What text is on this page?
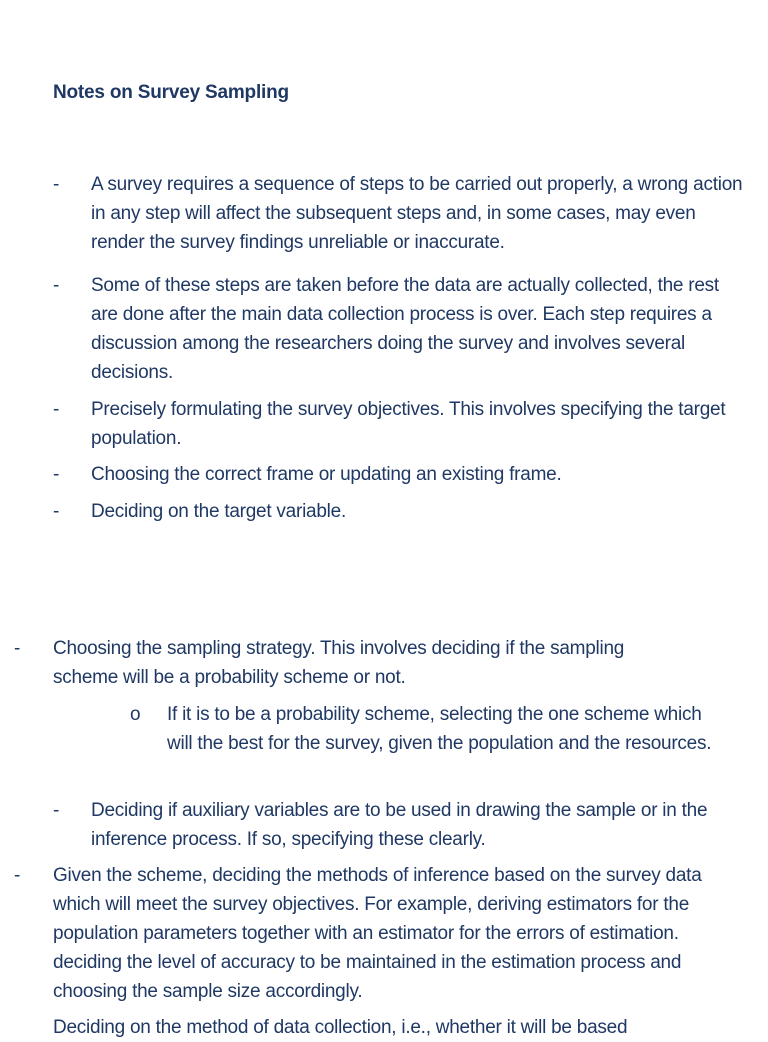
Notes on Survey Sampling
- A survey requires a sequence of steps to be carried out properly, a wrong action in any step will affect the subsequent steps and, in some cases, may even render the survey findings unreliable or inaccurate.
- Some of these steps are taken before the data are actually collected, the rest are done after the main data collection process is over. Each step requires a discussion among the researchers doing the survey and involves several decisions.
- Precisely formulating the survey objectives. This involves specifying the target population.
- Choosing the correct frame or updating an existing frame.
- Deciding on the target variable.
- Choosing the sampling strategy. This involves deciding if the sampling scheme will be a probability scheme or not.
o If it is to be a probability scheme, selecting the one scheme which will the best for the survey, given the population and the resources.
- Deciding if auxiliary variables are to be used in drawing the sample or in the inference process. If so, specifying these clearly.
- Given the scheme, deciding the methods of inference based on the survey data which will meet the survey objectives. For example, deriving estimators for the population parameters together with an estimator for the errors of estimation. deciding the level of accuracy to be maintained in the estimation process and choosing the sample size accordingly.
Deciding on the method of data collection, i.e., whether it will be based
